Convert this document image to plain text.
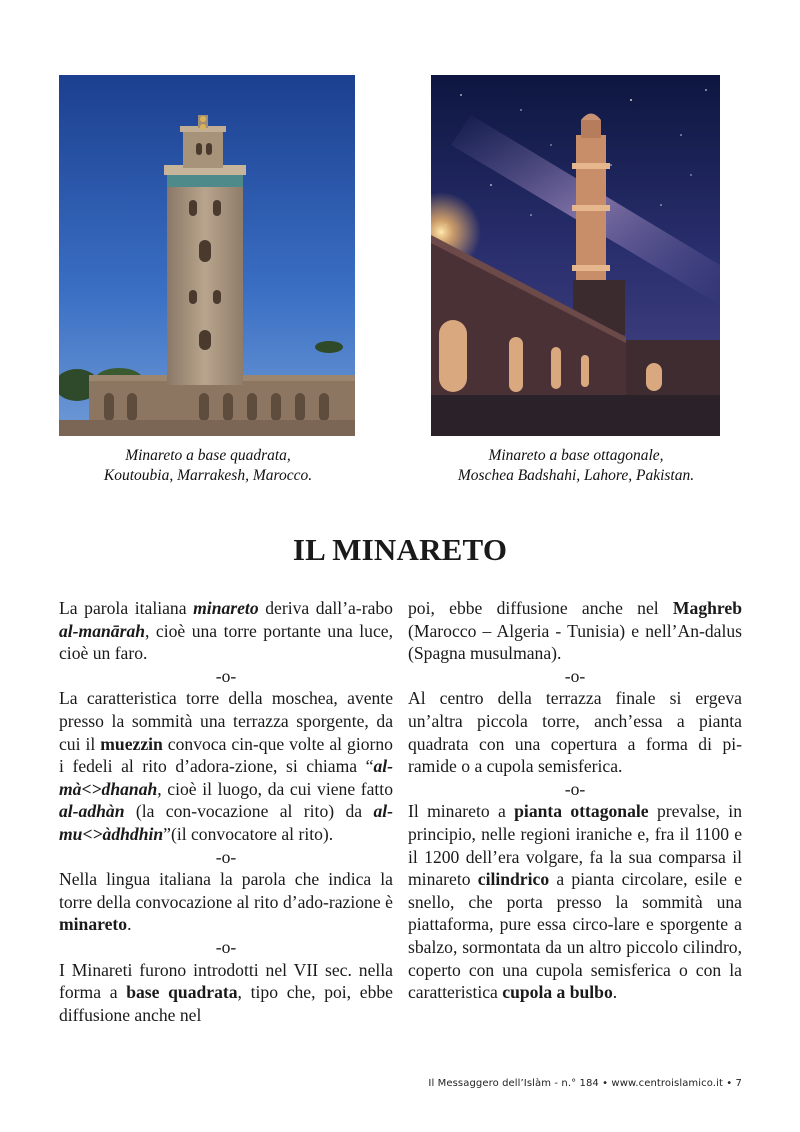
Minareto a base quadrata,
Koutoubia, Marrakesh, Marocco.
Minareto a base ottagonale,
Moschea Badshahi, Lahore, Pakistan.
IL MINARETO

La parola italiana minareto deriva dall’a-rabo al-manārah, cioè una torre portante una luce, cioè un faro.

-o-

La caratteristica torre della moschea, avente presso la sommità una terrazza sporgente, da cui il muezzin convoca cin-que volte al giorno i fedeli al rito d’adora-zione, si chiama “al-mà<>dhanah, cioè il luogo, da cui viene fatto al-adhàn (la con-vocazione al rito) da al-mu<>àdhdhin”(il convocatore al rito).

-o-

Nella lingua italiana la parola che indica la torre della convocazione al rito d’ado-razione è minareto.

-o-

I Minareti furono introdotti nel VII sec. nella forma a base quadrata, tipo che, poi, ebbe diffusione anche nel

poi, ebbe diffusione anche nel Maghreb (Marocco – Algeria - Tunisia) e nell’An-dalus (Spagna musulmana).

-o-

Al centro della terrazza finale si ergeva un’altra piccola torre, anch’essa a pianta quadrata con una copertura a forma di pi-ramide o a cupola semisferica.

-o-

Il minareto a pianta ottagonale prevalse, in principio, nelle regioni iraniche e, fra il 1100 e il 1200 dell’era volgare, fa la sua comparsa il minareto cilindrico a pianta circolare, esile e snello, che porta presso la sommità una piattaforma, pure essa circo-lare e sporgente a sbalzo, sormontata da un altro piccolo cilindro, coperto con una cupola semisferica o con la caratteristica cupola a bulbo.

Il Messaggero dell’Islàm - n.° 184 • www.centroislamico.it • 7
